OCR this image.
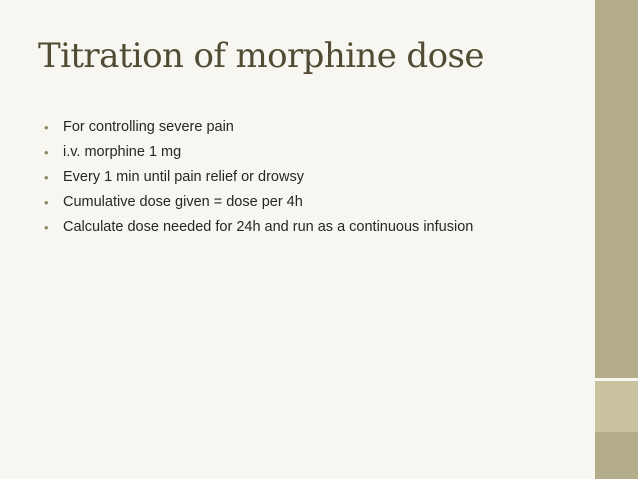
Titration of morphine dose
• For controlling severe pain
• i.v. morphine 1 mg
• Every 1 min until pain relief or drowsy
• Cumulative dose given = dose per 4h
• Calculate dose needed for 24h and run as a continuous infusion
